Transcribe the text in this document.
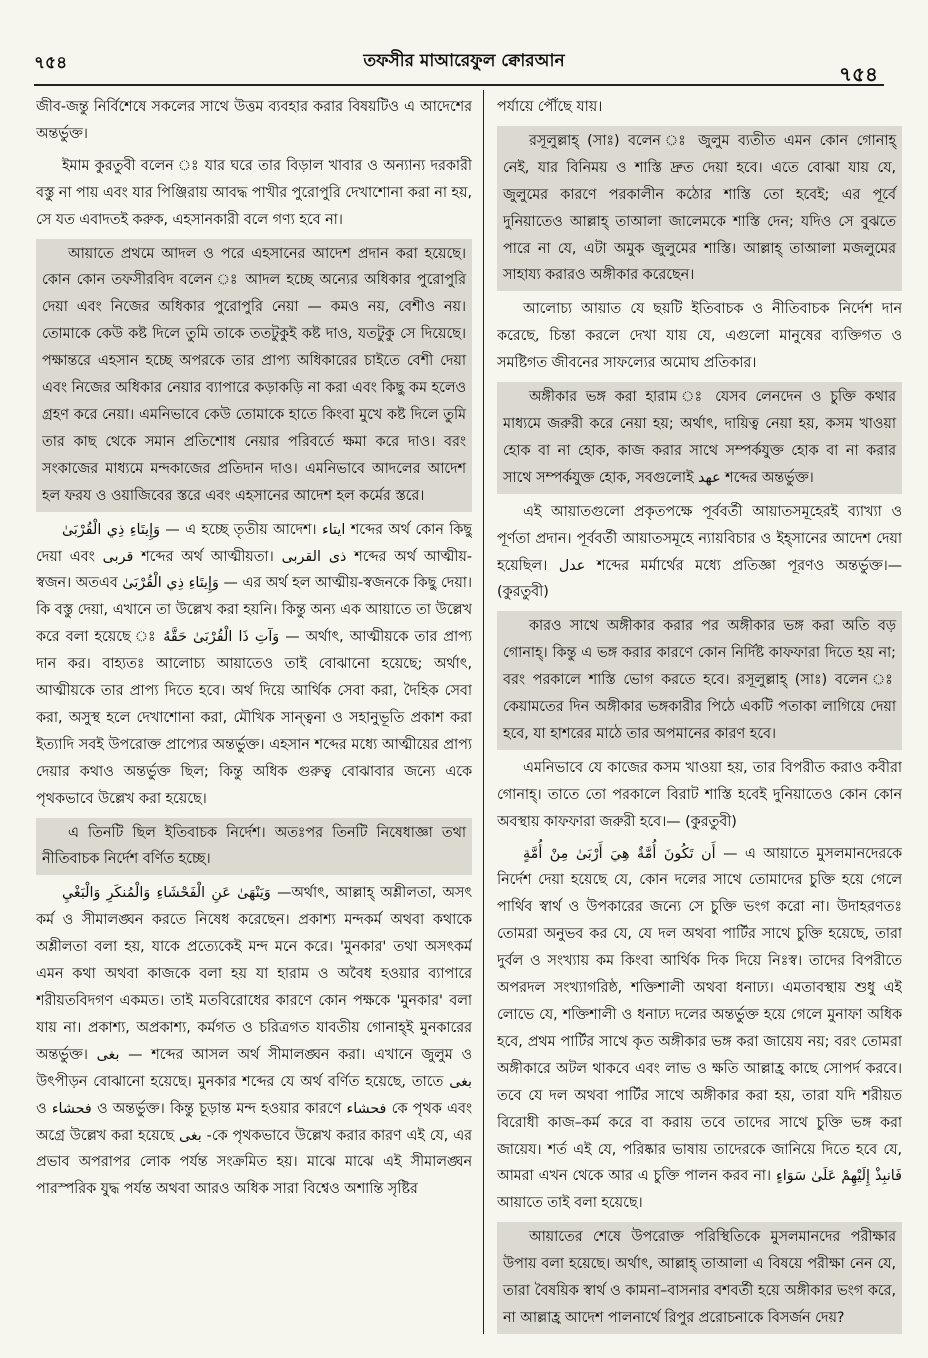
৭৫৪	তফসীর মাআরেফুল ক্বোরআন
৭৫৪

জীব-জন্তু নির্বিশেষে সকলের সাথে উত্তম ব্যবহার করার বিষয়টিও এ আদেশের অন্তর্ভুক্ত।

ইমাম কুরতুবী বলেন ঃ যার ঘরে তার বিড়াল খাবার ও অন্যান্য দরকারী বস্তু না পায় এবং যার পিঞ্জিরায় আবদ্ধ পাখীর পুরোপুরি দেখাশোনা করা না হয়, সে যত এবাদতই করুক, এহসানকারী বলে গণ্য হবে না।

আয়াতে প্রথমে আদল ও পরে এহসানের আদেশ প্রদান করা হয়েছে। কোন কোন তফসীরবিদ বলেন ঃ আদল হচ্ছে অন্যের অধিকার পুরোপুরি দেয়া এবং নিজের অধিকার পুরোপুরি নেয়া — কমও নয়, বেশীও নয়। তোমাকে কেউ কষ্ট দিলে তুমি তাকে ততটুকুই কষ্ট দাও, যতটুকু সে দিয়েছে। পক্ষান্তরে এহসান হচ্ছে অপরকে তার প্রাপ্য অধিকারের চাইতে বেশী দেয়া এবং নিজের অধিকার নেয়ার ব্যাপারে কড়াকড়ি না করা এবং কিছু কম হলেও গ্রহণ করে নেয়া। এমনিভাবে কেউ তোমাকে হাতে কিংবা মুখে কষ্ট দিলে তুমি তার কাছ থেকে সমান প্রতিশোধ নেয়ার পরিবর্তে ক্ষমা করে দাও। বরং সংকাজের মাধ্যমে মন্দকাজের প্রতিদান দাও। এমনিভাবে আদলের আদেশ হল ফরয ও ওয়াজিবের স্তরে এবং এহসানের আদেশ হল কর্মের স্তরে।

وَإِيتَاءِ ذِي الْقُرْبَىٰ — এ হচ্ছে তৃতীয় আদেশ। ايتاء শব্দের অর্থ কোন কিছু দেয়া এবং قربى শব্দের অর্থ আত্মীয়তা। ذى القربى শব্দের অর্থ আত্মীয়-স্বজন। অতএব وَإِيتَاءِ ذِي الْقُرْبَىٰ — এর অর্থ হল আত্মীয়-স্বজনকে কিছু দেয়া। কি বস্তু দেয়া, এখানে তা উল্লেখ করা হয়নি। কিন্তু অন্য এক আয়াতে তা উল্লেখ করে বলা হয়েছে ঃ وَآتِ ذَا الْقُرْبَىٰ حَقَّهُ — অর্থাৎ, আত্মীয়কে তার প্রাপ্য দান কর। বাহ্যতঃ আলোচ্য আয়াতেও তাই বোঝানো হয়েছে; অর্থাৎ, আত্মীয়কে তার প্রাপ্য দিতে হবে। অর্থ দিয়ে আর্থিক সেবা করা, দৈহিক সেবা করা, অসুস্থ হলে দেখাশোনা করা, মৌখিক সান্ত্বনা ও সহানুভূতি প্রকাশ করা ইত্যাদি সবই উপরোক্ত প্রাপ্যের অন্তর্ভুক্ত। এহসান শব্দের মধ্যে আত্মীয়ের প্রাপ্য দেয়ার কথাও অন্তর্ভুক্ত ছিল; কিন্তু অধিক গুরুত্ব বোঝাবার জন্যে একে পৃথকভাবে উল্লেখ করা হয়েছে।

এ তিনটি ছিল ইতিবাচক নির্দেশ। অতঃপর তিনটি নিষেধাজ্ঞা তথা নীতিবাচক নির্দেশ বর্ণিত হচ্ছে।

وَيَنْهَىٰ عَنِ الْفَحْشَاءِ وَالْمُنكَرِ وَالْبَغْيِ —অর্থাৎ, আল্লাহ্ অশ্লীলতা, অসৎ কর্ম ও সীমালঙ্ঘন করতে নিষেধ করেছেন। প্রকাশ্য মন্দকর্ম অথবা কথাকে অশ্লীলতা বলা হয়, যাকে প্রত্যেকেই মন্দ মনে করে। 'মুনকার' তথা অসৎকর্ম এমন কথা অথবা কাজকে বলা হয় যা হারাম ও অবৈধ হওয়ার ব্যাপারে শরীয়তবিদগণ একমত। তাই মতবিরোধের কারণে কোন পক্ষকে 'মুনকার' বলা যায় না। প্রকাশ্য, অপ্রকাশ্য, কর্মগত ও চরিত্রগত যাবতীয় গোনাহ্ই মুনকারের অন্তর্ভুক্ত। بغى — শব্দের আসল অর্থ সীমালঙ্ঘন করা। এখানে জুলুম ও উৎপীড়ন বোঝানো হয়েছে। মুনকার শব্দের যে অর্থ বর্ণিত হয়েছে, তাতে بغى ও فحشاء ও অন্তর্ভুক্ত। কিন্তু চূড়ান্ত মন্দ হওয়ার কারণে فحشاء কে পৃথক এবং অগ্রে উল্লেখ করা হয়েছে بغى -কে পৃথকভাবে উল্লেখ করার কারণ এই যে, এর প্রভাব অপরাপর লোক পর্যন্ত সংক্রমিত হয়। মাঝে মাঝে এই সীমালঙ্ঘন পারস্পরিক যুদ্ধ পর্যন্ত অথবা আরও অধিক সারা বিশ্বেও অশান্তি সৃষ্টির

পর্যায়ে পৌঁছে যায়।

রসূলুল্লাহ্ (সাঃ) বলেন ঃ জুলুম ব্যতীত এমন কোন গোনাহ্ নেই, যার বিনিময় ও শাস্তি দ্রুত দেয়া হবে। এতে বোঝা যায় যে, জুলুমের কারণে পরকালীন কঠোর শাস্তি তো হবেই; এর পূর্বে দুনিয়াতেও আল্লাহ্ তাআলা জালেমকে শাস্তি দেন; যদিও সে বুঝতে পারে না যে, এটা অমুক জুলুমের শাস্তি। আল্লাহ্ তাআলা মজলুমের সাহায্য করারও অঙ্গীকার করেছেন।

আলোচ্য আয়াত যে ছয়টি ইতিবাচক ও নীতিবাচক নির্দেশ দান করেছে, চিন্তা করলে দেখা যায় যে, এগুলো মানুষের ব্যক্তিগত ও সমষ্টিগত জীবনের সাফল্যের অমোঘ প্রতিকার।

অঙ্গীকার ভঙ্গ করা হারাম ঃ যেসব লেনদেন ও চুক্তি কথার মাধ্যমে জরুরী করে নেয়া হয়; অর্থাৎ, দায়িত্ব নেয়া হয়, কসম খাওয়া হোক বা না হোক, কাজ করার সাথে সম্পর্কযুক্ত হোক বা না করার সাথে সম্পর্কযুক্ত হোক, সবগুলোই عهد শব্দের অন্তর্ভুক্ত।

এই আয়াতগুলো প্রকৃতপক্ষে পূর্ববর্তী আয়াতসমূহেরই ব্যাখ্যা ও পূর্ণতা প্রদান। পূর্ববর্তী আয়াতসমূহে ন্যায়বিচার ও ইহ্সানের আদেশ দেয়া হয়েছিল। عدل শব্দের মর্মার্থের মধ্যে প্রতিজ্ঞা পূরণও অন্তর্ভুক্ত।— (কুরতুবী)

কারও সাথে অঙ্গীকার করার পর অঙ্গীকার ভঙ্গ করা অতি বড় গোনাহ্। কিন্তু এ ভঙ্গ করার কারণে কোন নির্দিষ্ট কাফফারা দিতে হয় না; বরং পরকালে শাস্তি ভোগ করতে হবে। রসূলুল্লাহ্ (সাঃ) বলেন ঃ কেয়ামতের দিন অঙ্গীকার ভঙ্গকারীর পিঠে একটি পতাকা লাগিয়ে দেয়া হবে, যা হাশরের মাঠে তার অপমানের কারণ হবে।

এমনিভাবে যে কাজের কসম খাওয়া হয়, তার বিপরীত করাও কবীরা গোনাহ্। তাতে তো পরকালে বিরাট শাস্তি হবেই দুনিয়াতেও কোন কোন অবস্থায় কাফফারা জরুরী হবে।— (কুরতুবী)

أَن تَكُونَ أُمَّةٌ هِيَ أَرْبَىٰ مِنْ أُمَّةٍ — এ আয়াতে মুসলমানদেরকে নির্দেশ দেয়া হয়েছে যে, কোন দলের সাথে তোমাদের চুক্তি হয়ে গেলে পার্থিব স্বার্থ ও উপকারের জন্যে সে চুক্তি ভংগ করো না। উদাহরণতঃ তোমরা অনুভব কর যে, যে দল অথবা পার্টির সাথে চুক্তি হয়েছে, তারা দুর্বল ও সংখ্যায় কম কিংবা আর্থিক দিক দিয়ে নিঃস্ব। তাদের বিপরীতে অপরদল সংখ্যাগরিষ্ঠ, শক্তিশালী অথবা ধনাঢ্য। এমতাবস্থায় শুধু এই লোভে যে, শক্তিশালী ও ধনাঢ্য দলের অন্তর্ভুক্ত হয়ে গেলে মুনাফা অধিক হবে, প্রথম পার্টির সাথে কৃত অঙ্গীকার ভঙ্গ করা জায়েয নয়; বরং তোমরা অঙ্গীকারে অটল থাকবে এবং লাভ ও ক্ষতি আল্লাহ্র কাছে সোপর্দ করবে। তবে যে দল অথবা পার্টির সাথে অঙ্গীকার করা হয়, তারা যদি শরীয়ত বিরোধী কাজ–কর্ম করে বা করায় তবে তাদের সাথে চুক্তি ভঙ্গ করা জায়েয। শর্ত এই যে, পরিষ্কার ভাষায় তাদেরকে জানিয়ে দিতে হবে যে, আমরা এখন থেকে আর এ চুক্তি পালন করব না। فَانبِذْ إِلَيْهِمْ عَلَىٰ سَوَاءٍ আয়াতে তাই বলা হয়েছে।

আয়াতের শেষে উপরোক্ত পরিস্থিতিকে মুসলমানদের পরীক্ষার উপায় বলা হয়েছে। অর্থাৎ, আল্লাহ্ তাআলা এ বিষয়ে পরীক্ষা নেন যে, তারা বৈষয়িক স্বার্থ ও কামনা–বাসনার বশবর্তী হয়ে অঙ্গীকার ভংগ করে, না আল্লাহ্র আদেশ পালনার্থে রিপুর প্ররোচনাকে বিসর্জন দেয়?
